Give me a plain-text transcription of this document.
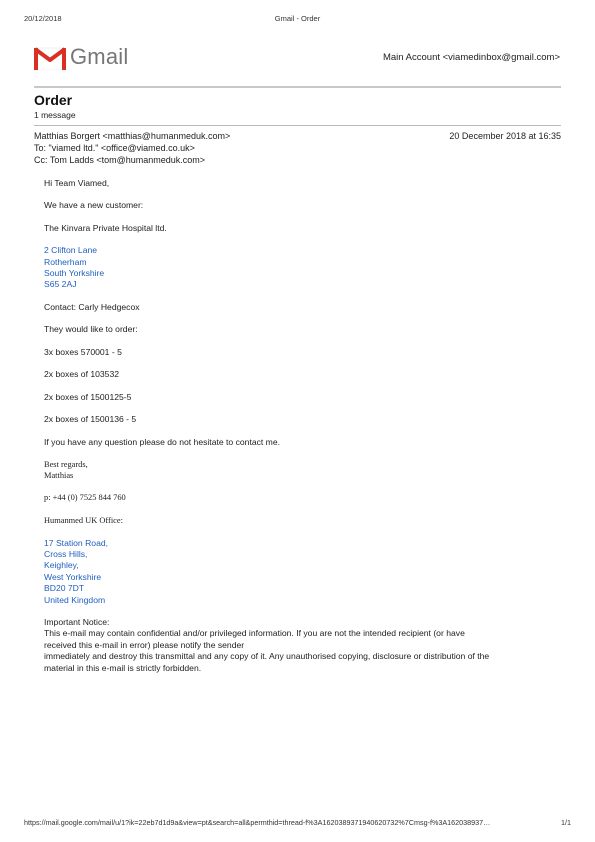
20/12/2018	Gmail - Order
Gmail	Main Account <viamedinbox@gmail.com>
Order
1 message
Matthias Borgert <matthias@humanmeduk.com>	20 December 2018 at 16:35
To: "viamed ltd." <office@viamed.co.uk>
Cc: Tom Ladds <tom@humanmeduk.com>
Hi Team Viamed,
We have a new customer:
The Kinvara Private Hospital ltd.
2 Clifton Lane
Rotherham
South Yorkshire
S65 2AJ
Contact: Carly Hedgecox
They would like to order:
3x boxes 570001 - 5
2x boxes of 103532
2x boxes of 1500125-5
2x boxes of 1500136 - 5
If you have any question please do not hesitate to contact me.
Best regards,
Matthias
p: +44 (0) 7525 844 760
Humanmed UK Office:
17 Station Road,
Cross Hills,
Keighley,
West Yorkshire
BD20 7DT
United Kingdom
Important Notice:
This e-mail may contain confidential and/or privileged information. If you are not the intended recipient (or have
received this e-mail in error) please notify the sender
immediately and destroy this transmittal and any copy of it. Any unauthorised copying, disclosure or distribution of the
material in this e-mail is strictly forbidden.
https://mail.google.com/mail/u/1?ik=22eb7d1d9a&view=pt&search=all&permthid=thread-f%3A1620389371940620732%7Cmsg-f%3A162038937…	1/1
